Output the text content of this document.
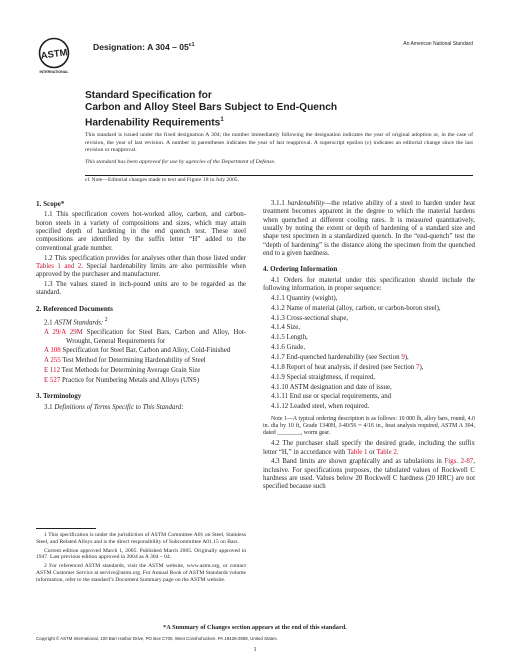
ASTM
INTERNATIONAL
Designation: A $304 - 05^{\varepsilon 1}$	An American National Standard
Standard Specification for
Carbon and Alloy Steel Bars Subject to End-Quench
Hardenability Requirements$^1$

This standard is issued under the fixed designation A 304; the number immediately following the designation indicates the year of original adoption or, in the case of revision, the year of last revision. A number in parentheses indicates the year of last reapproval. A superscript epsilon (ε) indicates an editorial change since the last revision or reapproval.

This standard has been approved for use by agencies of the Department of Defense.

ε1 Note—Editorial changes made to text and Figure 18 in July 2005.
1. Scope*

1.1 This specification covers hot-worked alloy, carbon, and carbon-boron steels in a variety of compositions and sizes, which may attain specified depth of hardening in the end quench test. These steel compositions are identified by the suffix letter “H” added to the conventional grade number.

1.2 This specification provides for analyses other than those listed under Tables 1 and 2. Special hardenability limits are also permissible when approved by the purchaser and manufacturer.

1.3 The values stated in inch-pound units are to be regarded as the standard.

2. Referenced Documents

2.1 ASTM Standards: $^2$

A 29/A 29M Specification for Steel Bars, Carbon and Alloy, Hot-Wrought, General Requirements for

A 108 Specification for Steel Bar, Carbon and Alloy, Cold-Finished

A 255 Test Method for Determining Hardenability of Steel

E 112 Test Methods for Determining Average Grain Size

E 527 Practice for Numbering Metals and Alloys (UNS)

3. Terminology

3.1 Definitions of Terms Specific to This Standard:

1 This specification is under the jurisdiction of ASTM Committee A01 on Steel, Stainless Steel, and Related Alloys and is the direct responsibility of Subcommittee A01.15 on Bars.

Current edition approved March 1, 2005. Published March 2005. Originally approved in 1947. Last previous edition approved in 2004 as A 304 – 04.

2 For referenced ASTM standards, visit the ASTM website, www.astm.org, or contact ASTM Customer Service at service@astm.org. For Annual Book of ASTM Standards volume information, refer to the standard’s Document Summary page on the ASTM website.

3.1.1 hardenability—the relative ability of a steel to harden under heat treatment becomes apparent in the degree to which the material hardens when quenched at different cooling rates. It is measured quantitatively, usually by noting the extent or depth of hardening of a standard size and shape test specimen in a standardized quench. In the “end-quench” test the “depth of hardening” is the distance along the specimen from the quenched end to a given hardness.

4. Ordering Information

4.1 Orders for material under this specification should include the following information, in proper sequence:

4.1.1 Quantity (weight),

4.1.2 Name of material (alloy, carbon, or carbon-boron steel),

4.1.3 Cross-sectional shape,

4.1.4 Size,

4.1.5 Length,

4.1.6 Grade,

4.1.7 End-quenched hardenability (see Section 9),

4.1.8 Report of heat analysis, if desired (see Section 7),

4.1.9 Special straightness, if required,

4.1.10 ASTM designation and date of issue,

4.1.11 End use or special requirements, and

4.1.12 Leaded steel, when required.

Note 1—A typical ordering description is as follows: 10 000 lb, alloy bars, round, 4.0 in. dia by 10 ft, Grade 1340H, J-40/56 = 4/16 in., heat analysis required, ASTM A 304, dated ________, worm gear.

4.2 The purchaser shall specify the desired grade, including the suffix letter “H,” in accordance with Table 1 or Table 2.

4.3 Band limits are shown graphically and as tabulations in Figs. 2-87, inclusive. For specifications purposes, the tabulated values of Rockwell C hardness are used. Values below 20 Rockwell C hardness (20 HRC) are not specified because such

*A Summary of Changes section appears at the end of this standard.
Copyright © ASTM International, 100 Barr Harbor Drive, PO Box C700, West Conshohocken, PA 19428-2959, United States.
1
